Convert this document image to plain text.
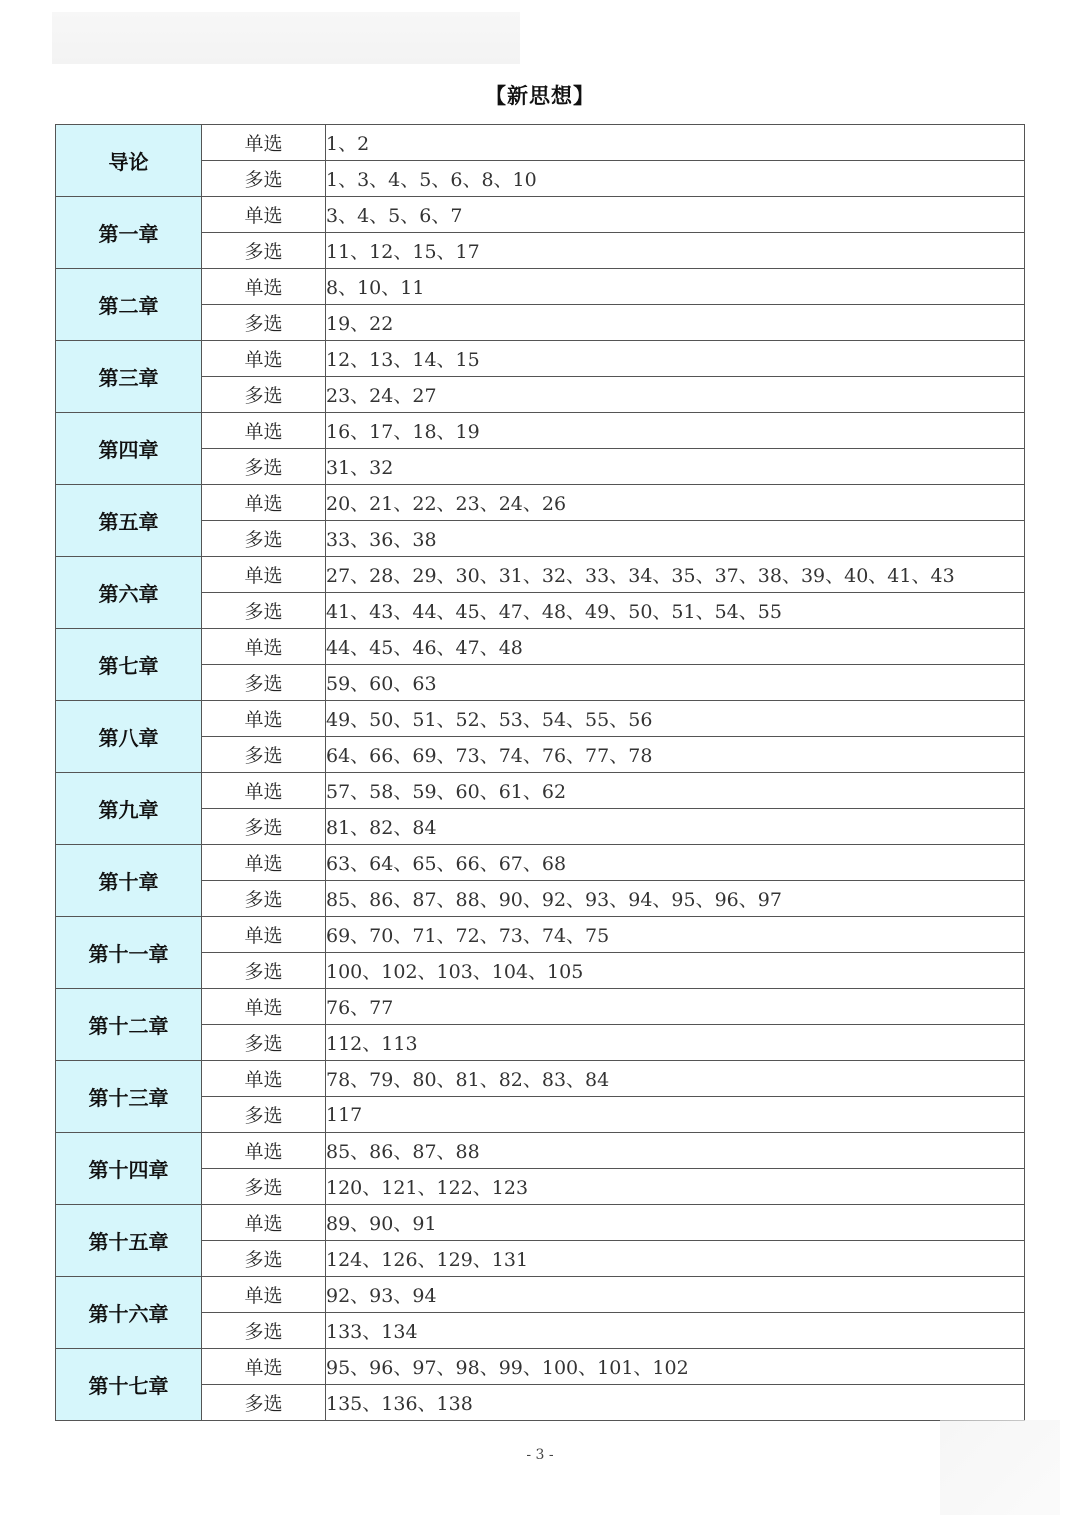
【新思想】
导论	单选	1、2
	多选	1、3、4、5、6、8、10
第一章	单选	3、4、5、6、7
	多选	11、12、15、17
第二章	单选	8、10、11
	多选	19、22
第三章	单选	12、13、14、15
	多选	23、24、27
第四章	单选	16、17、18、19
	多选	31、32
第五章	单选	20、21、22、23、24、26
	多选	33、36、38
第六章	单选	27、28、29、30、31、32、33、34、35、37、38、39、40、41、43
	多选	41、43、44、45、47、48、49、50、51、54、55
第七章	单选	44、45、46、47、48
	多选	59、60、63
第八章	单选	49、50、51、52、53、54、55、56
	多选	64、66、69、73、74、76、77、78
第九章	单选	57、58、59、60、61、62
	多选	81、82、84
第十章	单选	63、64、65、66、67、68
	多选	85、86、87、88、90、92、93、94、95、96、97
第十一章	单选	69、70、71、72、73、74、75
	多选	100、102、103、104、105
第十二章	单选	76、77
	多选	112、113
第十三章	单选	78、79、80、81、82、83、84
	多选	117
第十四章	单选	85、86、87、88
	多选	120、121、122、123
第十五章	单选	89、90、91
	多选	124、126、129、131
第十六章	单选	92、93、94
	多选	133、134
第十七章	单选	95、96、97、98、99、100、101、102
	多选	135、136、138
- 3 -
